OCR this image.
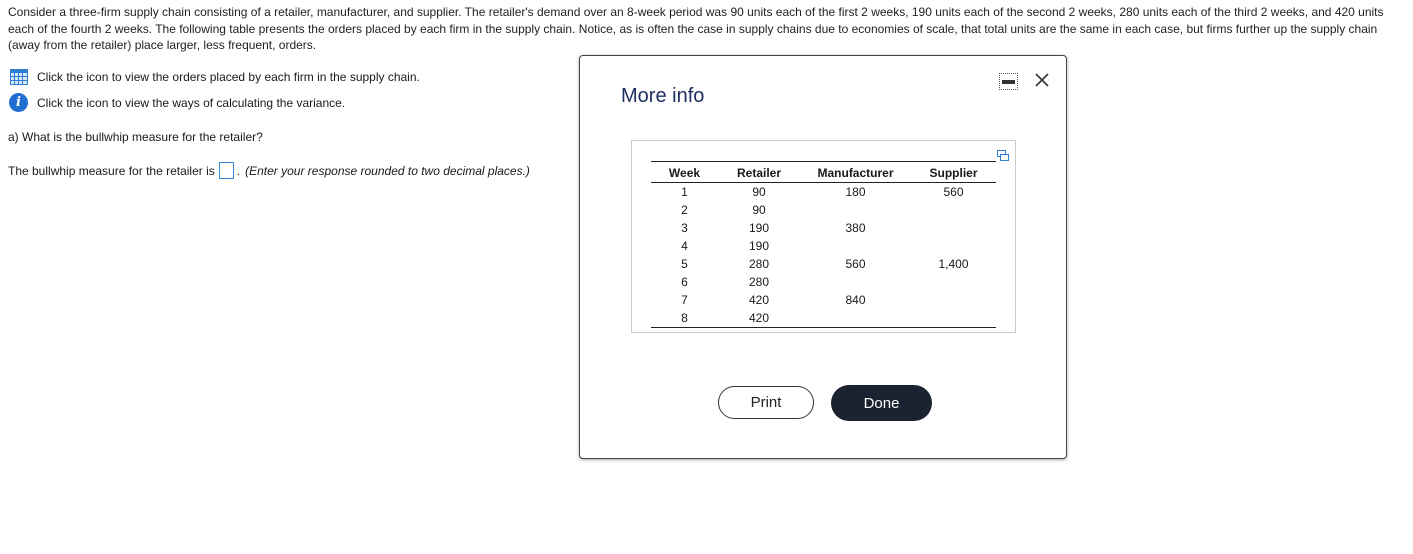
Consider a three-firm supply chain consisting of a retailer, manufacturer, and supplier. The retailer's demand over an 8-week period was 90 units each of the first 2 weeks, 190 units each of the second 2 weeks, 280 units each of the third 2 weeks, and 420 units each of the fourth 2 weeks. The following table presents the orders placed by each firm in the supply chain. Notice, as is often the case in supply chains due to economies of scale, that total units are the same in each case, but firms further up the supply chain (away from the retailer) place larger, less frequent, orders.
Click the icon to view the orders placed by each firm in the supply chain.
i	Click the icon to view the ways of calculating the variance.
a) What is the bullwhip measure for the retailer?
The bullwhip measure for the retailer is . (Enter your response rounded to two decimal places.)
More info
Week	Retailer	Manufacturer	Supplier
1	90	180	560
2	90		
3	190	380	
4	190		
5	280	560	1,400
6	280		
7	420	840	
8	420		
Print	Done
